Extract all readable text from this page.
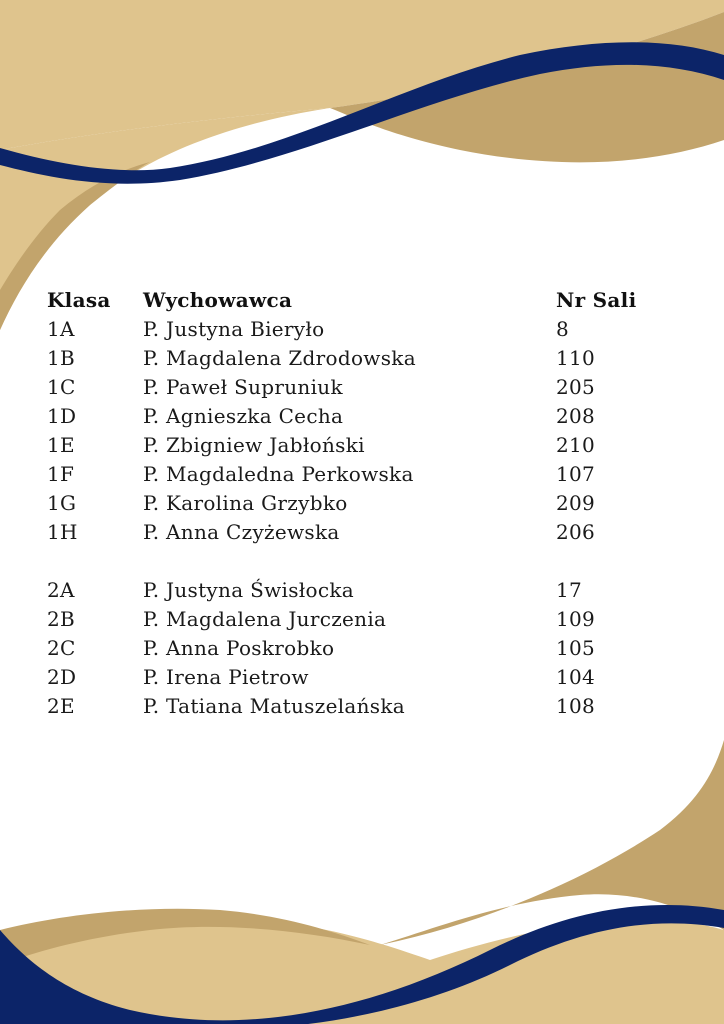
Klasa Wychowawca	Nr Sali
1A	P. Justyna Bieryło	8
1B	P. Magdalena Zdrodowska	110
1C	P. Paweł Supruniuk	205
1D	P. Agnieszka Cecha	208
1E	P. Zbigniew Jabłoński	210
1F	P. Magdaledna Perkowska	107
1G	P. Karolina Grzybko	209
1H	P. Anna Czyżewska	206
2A	P. Justyna Świsłocka	17
2B	P. Magdalena Jurczenia	109
2C	P. Anna Poskrobko	105
2D	P. Irena Pietrow	104
2E	P. Tatiana Matuszelańska	108
